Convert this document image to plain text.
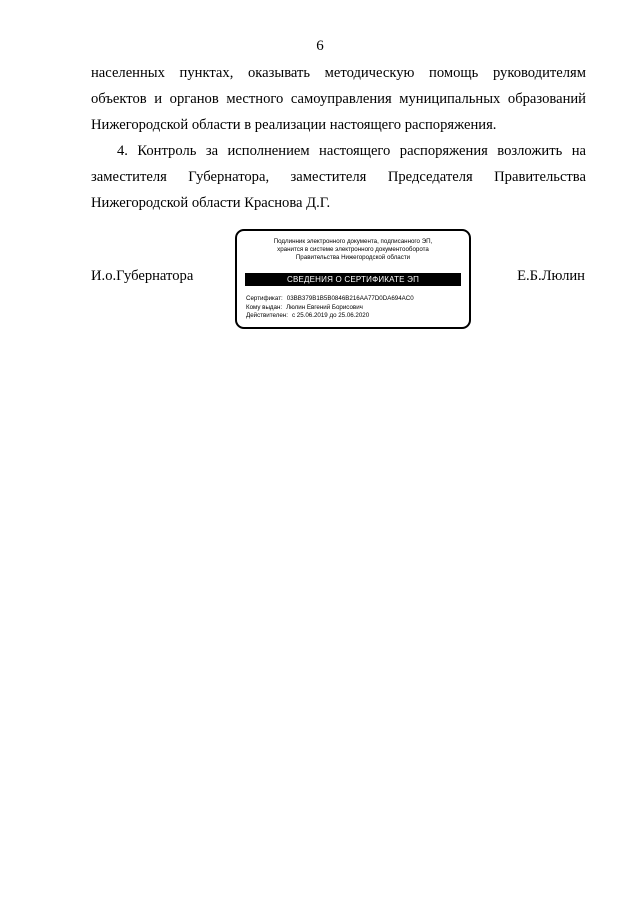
6
населенных пунктах, оказывать методическую помощь руководителям объектов и органов местного самоуправления муниципальных образований Нижегородской области в реализации настоящего распоряжения.
4. Контроль за исполнением настоящего распоряжения возложить на заместителя Губернатора, заместителя Председателя Правительства Нижегородской области Краснова Д.Г.
И.о.Губернатора
Подлинник электронного документа, подписанного ЭП,
хранится в системе электронного документооборота
Правительства Нижегородской области
СВЕДЕНИЯ О СЕРТИФИКАТЕ ЭП
Сертификат: 03BB379B1B5B0846B216AA77D0DA694AC0
Кому выдан: Люлин Евгений Борисович
Действителен: с 25.06.2019 до 25.06.2020
Е.Б.Люлин
